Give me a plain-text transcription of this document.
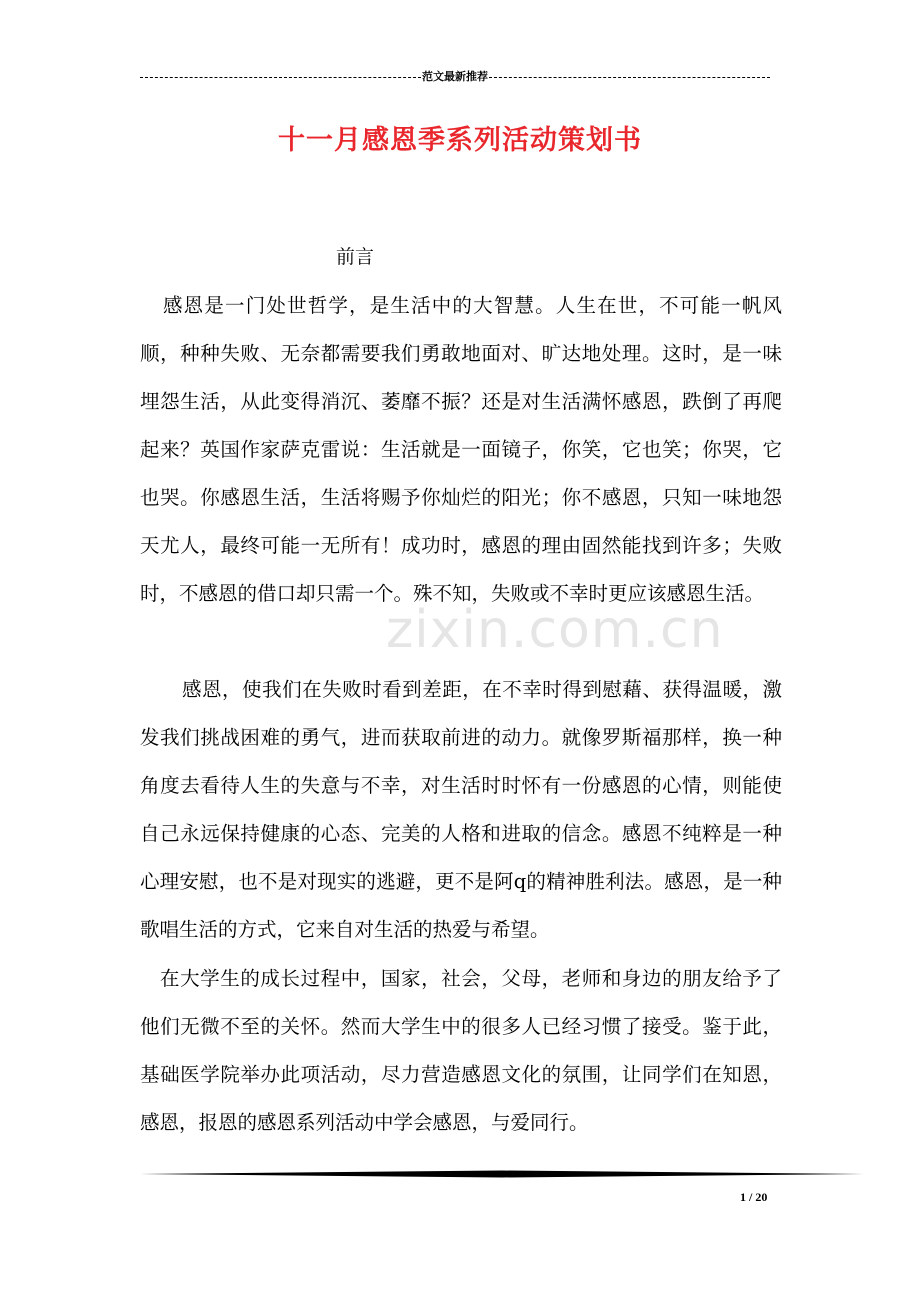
范文最新推荐
十一月感恩季系列活动策划书
前言
感恩是一门处世哲学，是生活中的大智慧。人生在世，不可能一帆风顺，种种失败、无奈都需要我们勇敢地面对、旷达地处理。这时，是一味埋怨生活，从此变得消沉、萎靡不振？还是对生活满怀感恩，跌倒了再爬起来？英国作家萨克雷说：生活就是一面镜子，你笑，它也笑；你哭，它也哭。你感恩生活，生活将赐予你灿烂的阳光；你不感恩，只知一味地怨天尤人，最终可能一无所有！成功时，感恩的理由固然能找到许多；失败时，不感恩的借口却只需一个。殊不知，失败或不幸时更应该感恩生活。
感恩，使我们在失败时看到差距，在不幸时得到慰藉、获得温暖，激发我们挑战困难的勇气，进而获取前进的动力。就像罗斯福那样，换一种角度去看待人生的失意与不幸，对生活时时怀有一份感恩的心情，则能使自己永远保持健康的心态、完美的人格和进取的信念。感恩不纯粹是一种心理安慰，也不是对现实的逃避，更不是阿q的精神胜利法。感恩，是一种歌唱生活的方式，它来自对生活的热爱与希望。
在大学生的成长过程中，国家，社会，父母，老师和身边的朋友给予了他们无微不至的关怀。然而大学生中的很多人已经习惯了接受。鉴于此，基础医学院举办此项活动，尽力营造感恩文化的氛围，让同学们在知恩，感恩，报恩的感恩系列活动中学会感恩，与爱同行。
zixin.com.cn
1 / 20
